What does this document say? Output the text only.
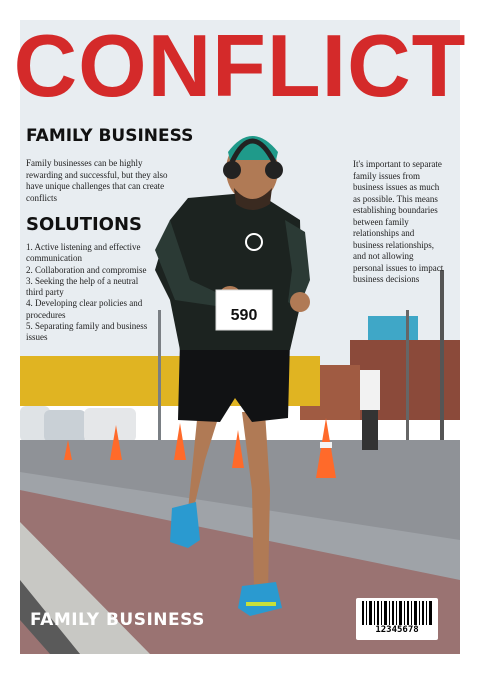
590
CONFLICT
FAMILY BUSINESS

Family businesses can be highly rewarding and successful, but they also have unique challenges that can create conflicts

SOLUTIONS
1. Active listening and effective communication
2. Collaboration and compromise
3. Seeking the help of a neutral third party
4. Developing clear policies and procedures
5. Separating family and business issues

It's important to separate family issues from business issues as much as possible. This means establishing boundaries between family relationships and business relationships, and not allowing personal issues to impact business decisions

FAMILY BUSINESS	12345678
